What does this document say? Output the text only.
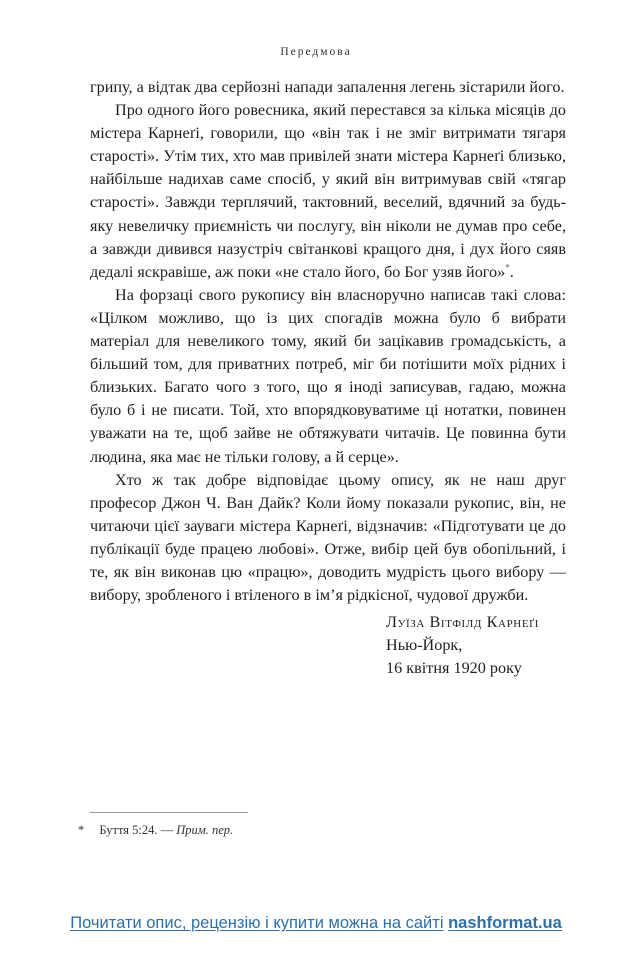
Передмова

грипу, а відтак два серйозні напади запалення легень зістарили його.

Про одного його ровесника, який перестався за кілька місяців до містера Карнеґі, говорили, що «він так і не зміг витримати тягаря старості». Утім тих, хто мав привілей знати містера Карнеґі близько, найбільше надихав саме спосіб, у який він витримував свій «тягар старості». Завжди терплячий, тактовний, веселий, вдячний за будь-яку невеличку приємність чи послугу, він ніколи не думав про себе, а завжди дивився назустріч світанкові кращого дня, і дух його сяяв дедалі яскравіше, аж поки «не стало його, бо Бог узяв його»*.

На форзаці свого рукопису він власноручно написав такі слова: «Цілком можливо, що із цих спогадів можна було б вибрати матеріал для невеликого тому, який би зацікавив громадськість, а більший том, для приватних потреб, міг би потішити моїх рідних і близьких. Багато чого з того, що я іноді записував, гадаю, можна було б і не писати. Той, хто впорядковуватиме ці нотатки, повинен уважати на те, щоб зайве не обтяжувати читачів. Це повинна бути людина, яка має не тільки голову, а й серце».

Хто ж так добре відповідає цьому опису, як не наш друг професор Джон Ч. Ван Дайк? Коли йому показали рукопис, він, не читаючи цієї зауваги містера Карнеґі, відзначив: «Підготувати це до публікації буде працею любові». Отже, вибір цей був обопільний, і те, як він виконав цю «працю», доводить мудрість цього вибору — вибору, зробленого і втіленого в ім’я рідкісної, чудової дружби.

Луїза Вітфілд Карнеґі
Нью-Йорк,
16 квітня 1920 року
* Буття 5:24. — Прим. пер.
Почитати опис, рецензію і купити можна на сайті nashformat.ua
